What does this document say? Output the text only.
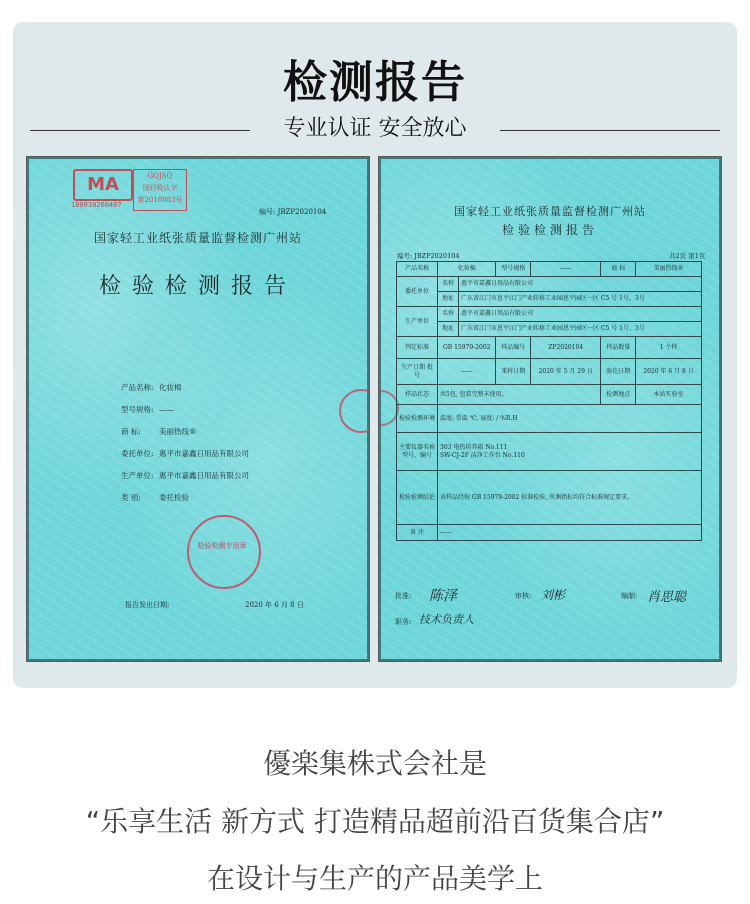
检测报告
专业认证 安全放心
MA
180010260407
GQJSQ
国轻检认字
第2018083号
编号: JBZP2020104
国家轻工业纸张质量监督检测广州站
检验检测报告
产品名称: 化妆棉
型号规格: ——
商 标:	美丽热线®
委托单位: 惠平市嘉鑫日用品有限公司
生产单位: 惠平市嘉鑫日用品有限公司
类 别:	委托检验
检验检测专用章
报告发出日期:	2020 年 6 月 8 日
国家轻工业纸张质量监督检测广州站
检验检测报告
编号: JBZP2020104	共2页 第1页
产品名称	化妆棉		型号规格	——	商 标	美丽热线®
委托单位	名称	惠平市嘉鑫日用品有限公司				
	地址	广东省江门市恩平江门产业转移工业园恩平园区一区 C5 号 1号、3号				
生产单位	名称	惠平市嘉鑫日用品有限公司				
	地址	广东省江门市恩平江门产业转移工业园恩平园区一区 C5 号 1号、3号				
判定标准	GB 15979-2002		样品编号	ZP2020104	样品数量	1 个样
生产日期 批号	——		来样日期	2020 年 5 月 29 日	验讫日期	2020 年 6 月 8 日
样品状态	共5包, 包装完整未使用。				检测地点	本站实验室
检验检测环境	温度: 常温 ℃, 湿度: / %R.H					
主要仪器名称型号、编号	303 电热培养箱 No.111
SW-CJ-2F 洁净工作台 No.110					

检验检测结论	该样品经按 GB 15979-2002 标准检验, 所测指标均符合标准规定要求。					
备 注	——					
批准: 陈泽	审核: 刘彬	编制: 肖思聪
职务: 技术负责人
優楽集株式会社是
“乐享生活 新方式 打造精品超前沿百货集合店”
在设计与生产的产品美学上
